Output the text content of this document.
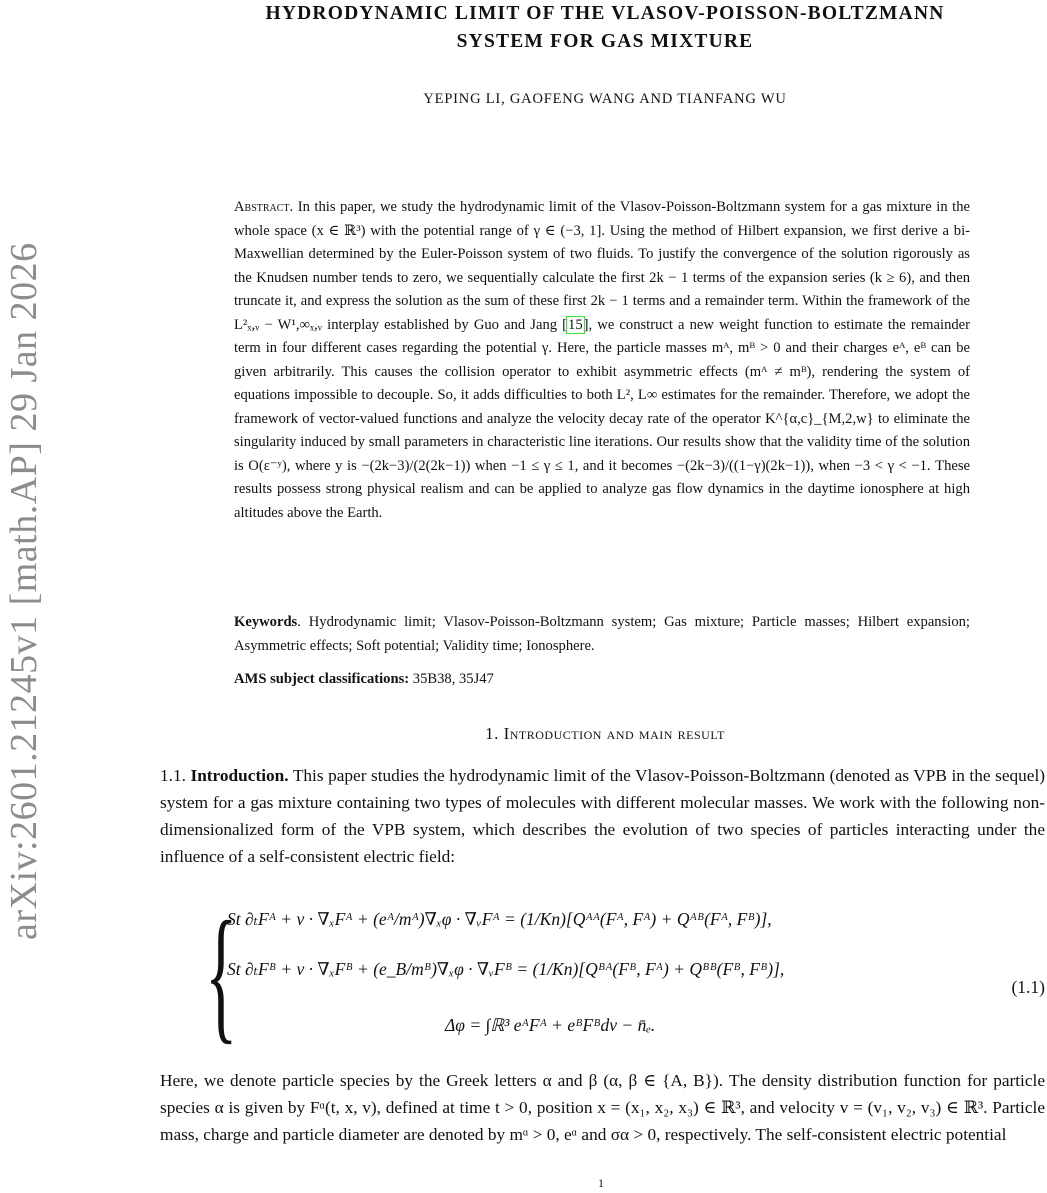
arXiv:2601.21245v1 [math.AP] 29 Jan 2026
HYDRODYNAMIC LIMIT OF THE VLASOV-POISSON-BOLTZMANN
SYSTEM FOR GAS MIXTURE
YEPING LI, GAOFENG WANG AND TIANFANG WU
Abstract. In this paper, we study the hydrodynamic limit of the Vlasov-Poisson-Boltzmann system for a gas mixture in the whole space (x ∈ ℝ³) with the potential range of γ ∈ (−3, 1]. Using the method of Hilbert expansion, we first derive a bi-Maxwellian determined by the Euler-Poisson system of two fluids. To justify the convergence of the solution rigorously as the Knudsen number tends to zero, we sequentially calculate the first 2k − 1 terms of the expansion series (k ≥ 6), and then truncate it, and express the solution as the sum of these first 2k − 1 terms and a remainder term. Within the framework of the L²ₓ,ᵥ − W¹,∞ₓ,ᵥ interplay established by Guo and Jang [15], we construct a new weight function to estimate the remainder term in four different cases regarding the potential γ. Here, the particle masses mᴬ, mᴮ > 0 and their charges eᴬ, eᴮ can be given arbitrarily. This causes the collision operator to exhibit asymmetric effects (mᴬ ≠ mᴮ), rendering the system of equations impossible to decouple. So, it adds difficulties to both L², L∞ estimates for the remainder. Therefore, we adopt the framework of vector-valued functions and analyze the velocity decay rate of the operator K^{α,c}_{M,2,w} to eliminate the singularity induced by small parameters in characteristic line iterations. Our results show that the validity time of the solution is O(ε⁻ʸ), where y is −(2k−3)/(2(2k−1)) when −1 ≤ γ ≤ 1, and it becomes −(2k−3)/((1−γ)(2k−1)), when −3 < γ < −1. These results possess strong physical realism and can be applied to analyze gas flow dynamics in the daytime ionosphere at high altitudes above the Earth.
Keywords. Hydrodynamic limit; Vlasov-Poisson-Boltzmann system; Gas mixture; Particle masses; Hilbert expansion; Asymmetric effects; Soft potential; Validity time; Ionosphere.
AMS subject classifications: 35B38, 35J47
1. Introduction and main result
1.1. Introduction. This paper studies the hydrodynamic limit of the Vlasov-Poisson-Boltzmann (denoted as VPB in the sequel) system for a gas mixture containing two types of molecules with different molecular masses. We work with the following non-dimensionalized form of the VPB system, which describes the evolution of two species of particles interacting under the influence of a self-consistent electric field:
{
St ∂ₜFᴬ + v · ∇ₓFᴬ + (eᴬ/mᴬ)∇ₓφ · ∇ᵥFᴬ = (1/Kn)[Qᴬᴬ(Fᴬ, Fᴬ) + Qᴬᴮ(Fᴬ, Fᴮ)],
St ∂ₜFᴮ + v · ∇ₓFᴮ + (e_B/mᴮ)∇ₓφ · ∇ᵥFᴮ = (1/Kn)[Qᴮᴬ(Fᴮ, Fᴬ) + Qᴮᴮ(Fᴮ, Fᴮ)],
Δφ = ∫ℝ³ eᴬFᴬ + eᴮFᴮdv − n̄ₑ.
(1.1)
Here, we denote particle species by the Greek letters α and β (α, β ∈ {A, B}). The density distribution function for particle species α is given by Fᵅ(t, x, v), defined at time t > 0, position x = (x₁, x₂, x₃) ∈ ℝ³, and velocity v = (v₁, v₂, v₃) ∈ ℝ³. Particle mass, charge and particle diameter are denoted by mᵅ > 0, eᵅ and σα > 0, respectively. The self-consistent electric potential
1
